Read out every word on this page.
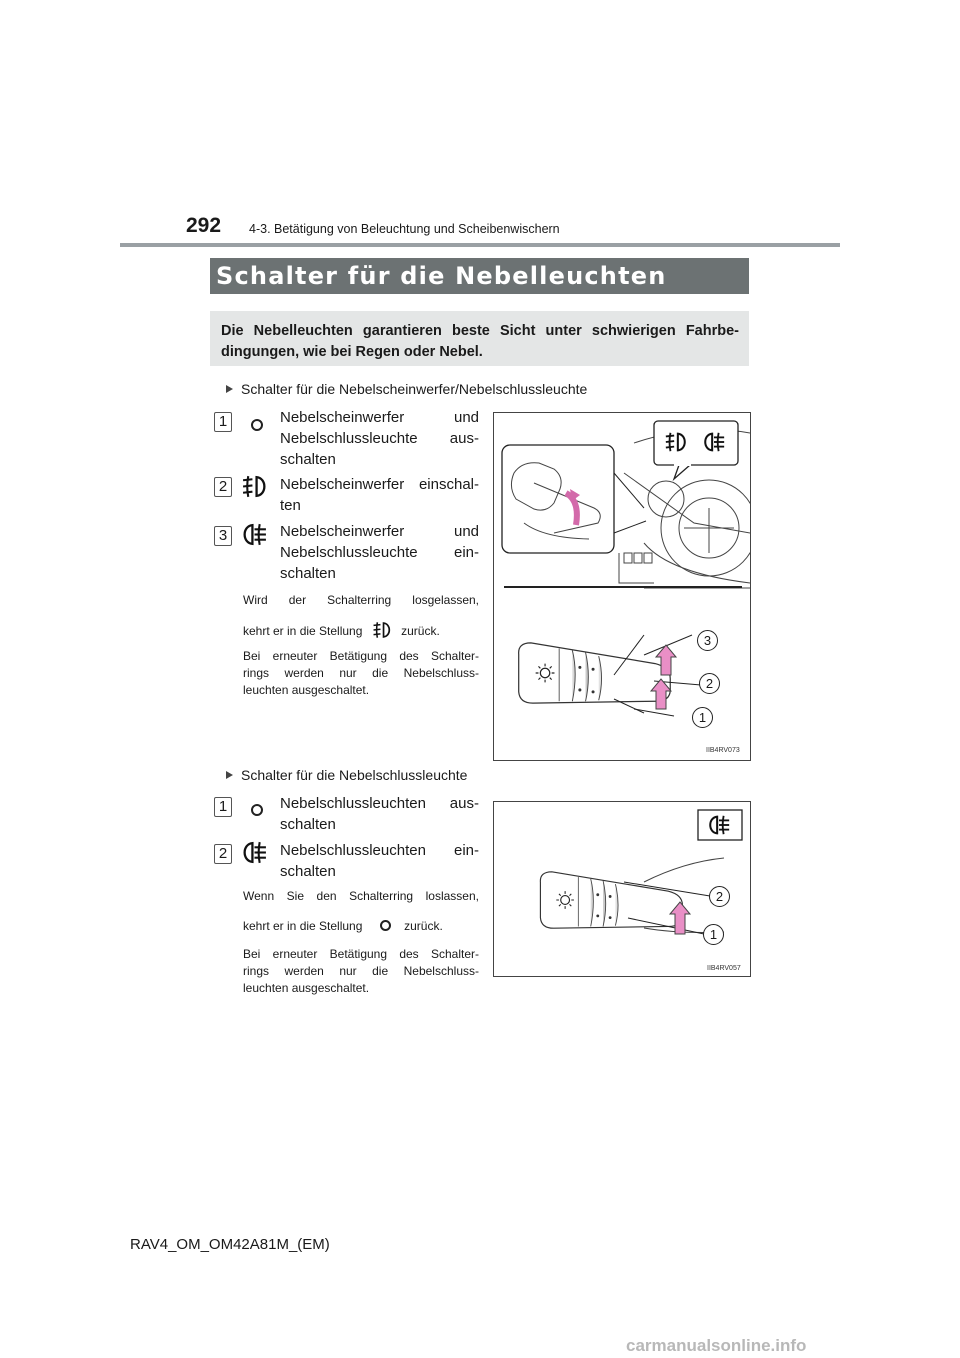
292 4-3. Betätigung von Beleuchtung und Scheibenwischern
Schalter für die Nebelleuchten

Die Nebelleuchten garantieren beste Sicht unter schwierigen Fahrbe-dingungen, wie bei Regen oder Nebel.

Schalter für die Nebelscheinwerfer/Nebelschlussleuchte
1	Nebelscheinwerfer und
Nebelschlussleuchte aus-
schalten
2	Nebelscheinwerfer einschal-
ten
3	Nebelscheinwerfer und
Nebelschlussleuchte ein-
schalten
Wird der Schalterring losgelassen,
kehrt er in die Stellung	zurück.
Bei erneuter Betätigung des Schalter-
rings werden nur die Nebelschluss-
leuchten ausgeschaltet.
3
2
1
IIB4RV073
Schalter für die Nebelschlussleuchte
1	Nebelschlussleuchten aus-
schalten
2	Nebelschlussleuchten ein-
schalten
Wenn Sie den Schalterring loslassen,
kehrt er in die Stellung	zurück.
Bei erneuter Betätigung des Schalter-
rings werden nur die Nebelschluss-
leuchten ausgeschaltet.
2
1
IIB4RV057
RAV4_OM_OM42A81M_(EM)
carmanualsonline.info
